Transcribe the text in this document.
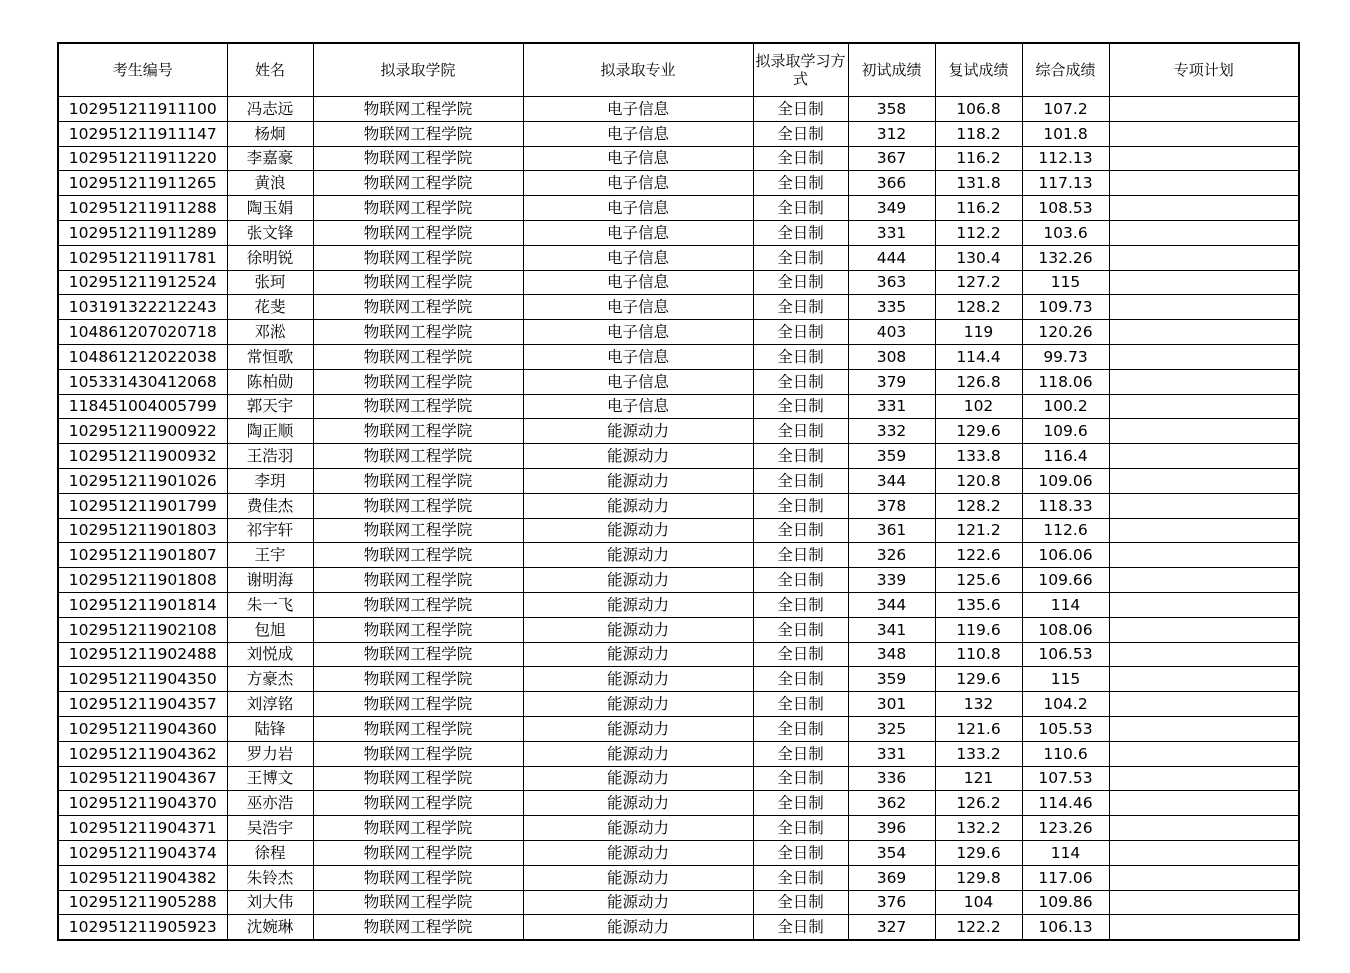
考生编号	姓名	拟录取学院	拟录取专业	拟录取学习方式	初试成绩	复试成绩	综合成绩	专项计划
102951211911100	冯志远	物联网工程学院	电子信息	全日制	358	106.8	107.2	
102951211911147	杨炯	物联网工程学院	电子信息	全日制	312	118.2	101.8	
102951211911220	李嘉豪	物联网工程学院	电子信息	全日制	367	116.2	112.13	
102951211911265	黄浪	物联网工程学院	电子信息	全日制	366	131.8	117.13	
102951211911288	陶玉娟	物联网工程学院	电子信息	全日制	349	116.2	108.53	
102951211911289	张文锋	物联网工程学院	电子信息	全日制	331	112.2	103.6	
102951211911781	徐明锐	物联网工程学院	电子信息	全日制	444	130.4	132.26	
102951211912524	张珂	物联网工程学院	电子信息	全日制	363	127.2	115	
103191322212243	花斐	物联网工程学院	电子信息	全日制	335	128.2	109.73	
104861207020718	邓淞	物联网工程学院	电子信息	全日制	403	119	120.26	
104861212022038	常恒歌	物联网工程学院	电子信息	全日制	308	114.4	99.73	
105331430412068	陈柏勋	物联网工程学院	电子信息	全日制	379	126.8	118.06	
118451004005799	郭天宇	物联网工程学院	电子信息	全日制	331	102	100.2	
102951211900922	陶正顺	物联网工程学院	能源动力	全日制	332	129.6	109.6	
102951211900932	王浩羽	物联网工程学院	能源动力	全日制	359	133.8	116.4	
102951211901026	李玥	物联网工程学院	能源动力	全日制	344	120.8	109.06	
102951211901799	费佳杰	物联网工程学院	能源动力	全日制	378	128.2	118.33	
102951211901803	祁宇轩	物联网工程学院	能源动力	全日制	361	121.2	112.6	
102951211901807	王宇	物联网工程学院	能源动力	全日制	326	122.6	106.06	
102951211901808	谢明海	物联网工程学院	能源动力	全日制	339	125.6	109.66	
102951211901814	朱一飞	物联网工程学院	能源动力	全日制	344	135.6	114	
102951211902108	包旭	物联网工程学院	能源动力	全日制	341	119.6	108.06	
102951211902488	刘悦成	物联网工程学院	能源动力	全日制	348	110.8	106.53	
102951211904350	方豪杰	物联网工程学院	能源动力	全日制	359	129.6	115	
102951211904357	刘淳铭	物联网工程学院	能源动力	全日制	301	132	104.2	
102951211904360	陆锋	物联网工程学院	能源动力	全日制	325	121.6	105.53	
102951211904362	罗力岩	物联网工程学院	能源动力	全日制	331	133.2	110.6	
102951211904367	王博文	物联网工程学院	能源动力	全日制	336	121	107.53	
102951211904370	巫亦浩	物联网工程学院	能源动力	全日制	362	126.2	114.46	
102951211904371	吴浩宇	物联网工程学院	能源动力	全日制	396	132.2	123.26	
102951211904374	徐程	物联网工程学院	能源动力	全日制	354	129.6	114	
102951211904382	朱铃杰	物联网工程学院	能源动力	全日制	369	129.8	117.06	
102951211905288	刘大伟	物联网工程学院	能源动力	全日制	376	104	109.86	
102951211905923	沈婉琳	物联网工程学院	能源动力	全日制	327	122.2	106.13	
